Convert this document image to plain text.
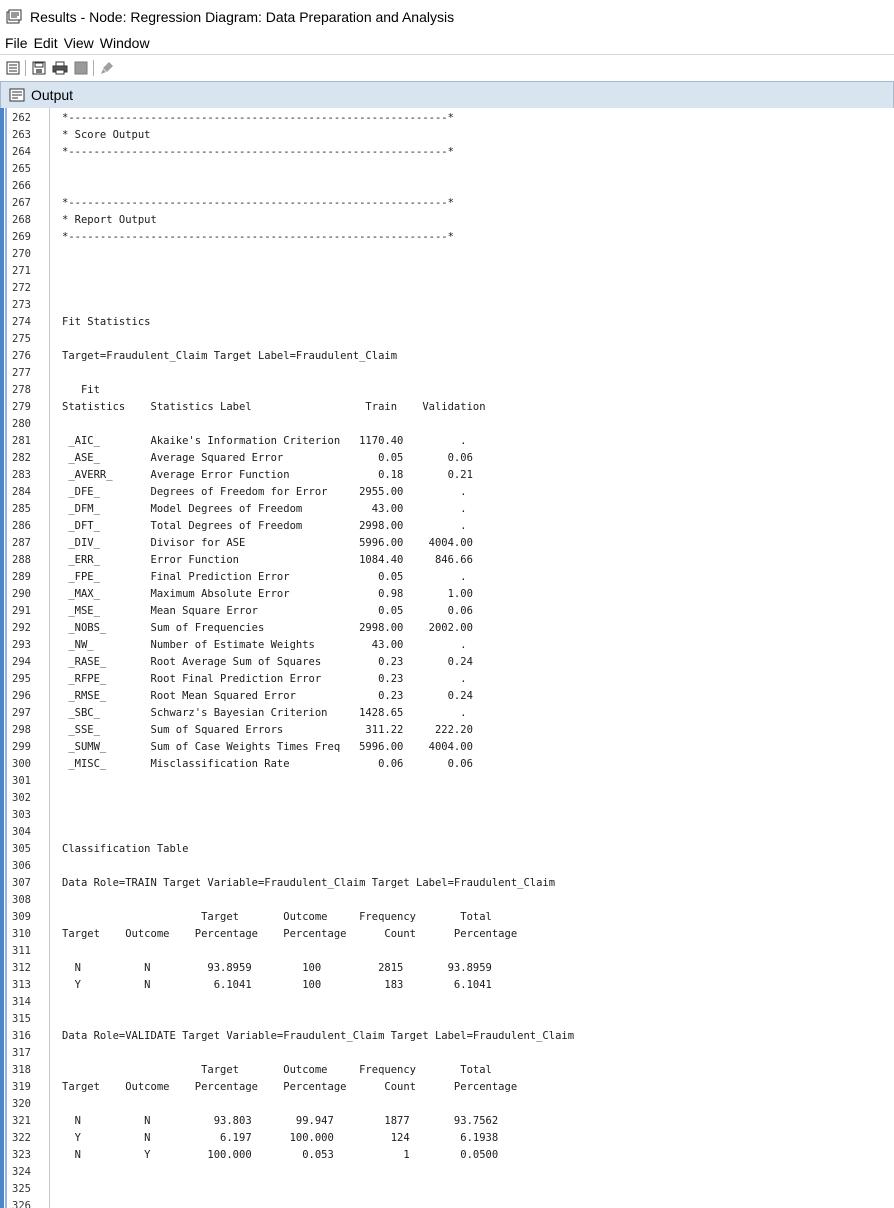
Results - Node: Regression Diagram: Data Preparation and Analysis
File Edit View Window
Output
262	*------------------------------------------------------------*
263	* Score Output
264	*------------------------------------------------------------*
265
266
267	*------------------------------------------------------------*
268	* Report Output
269	*------------------------------------------------------------*
270
271
272
273
274	Fit Statistics
275
276	Target=Fraudulent_Claim Target Label=Fraudulent_Claim
277
278	Fit
279	Statistics    Statistics Label                  Train    Validation
280
281	_AIC_        Akaike's Information Criterion   1170.40         .
282	_ASE_        Average Squared Error               0.05       0.06
283	_AVERR_      Average Error Function              0.18       0.21
284	_DFE_        Degrees of Freedom for Error     2955.00         .
285	_DFM_        Model Degrees of Freedom           43.00         .
286	_DFT_        Total Degrees of Freedom         2998.00         .
287	_DIV_        Divisor for ASE                  5996.00    4004.00
288	_ERR_        Error Function                   1084.40     846.66
289	_FPE_        Final Prediction Error              0.05         .
290	_MAX_        Maximum Absolute Error              0.98       1.00
291	_MSE_        Mean Square Error                   0.05       0.06
292	_NOBS_       Sum of Frequencies               2998.00    2002.00
293	_NW_         Number of Estimate Weights         43.00         .
294	_RASE_       Root Average Sum of Squares         0.23       0.24
295	_RFPE_       Root Final Prediction Error         0.23         .
296	_RMSE_       Root Mean Squared Error             0.23       0.24
297	_SBC_        Schwarz's Bayesian Criterion     1428.65         .
298	_SSE_        Sum of Squared Errors             311.22     222.20
299	_SUMW_       Sum of Case Weights Times Freq   5996.00    4004.00
300	_MISC_       Misclassification Rate              0.06       0.06
301
302
303
304
305	Classification Table
306
307	Data Role=TRAIN Target Variable=Fraudulent_Claim Target Label=Fraudulent_Claim
308
309	Target       Outcome     Frequency       Total
310	Target    Outcome    Percentage    Percentage      Count      Percentage
311
312	N          N         93.8959        100         2815       93.8959
313	Y          N          6.1041        100          183        6.1041
314
315
316	Data Role=VALIDATE Target Variable=Fraudulent_Claim Target Label=Fraudulent_Claim
317
318	Target       Outcome     Frequency       Total
319	Target    Outcome    Percentage    Percentage      Count      Percentage
320
321	N          N          93.803       99.947        1877       93.7562
322	Y          N           6.197      100.000         124        6.1938
323	N          Y         100.000        0.053           1        0.0500
324
325
326
